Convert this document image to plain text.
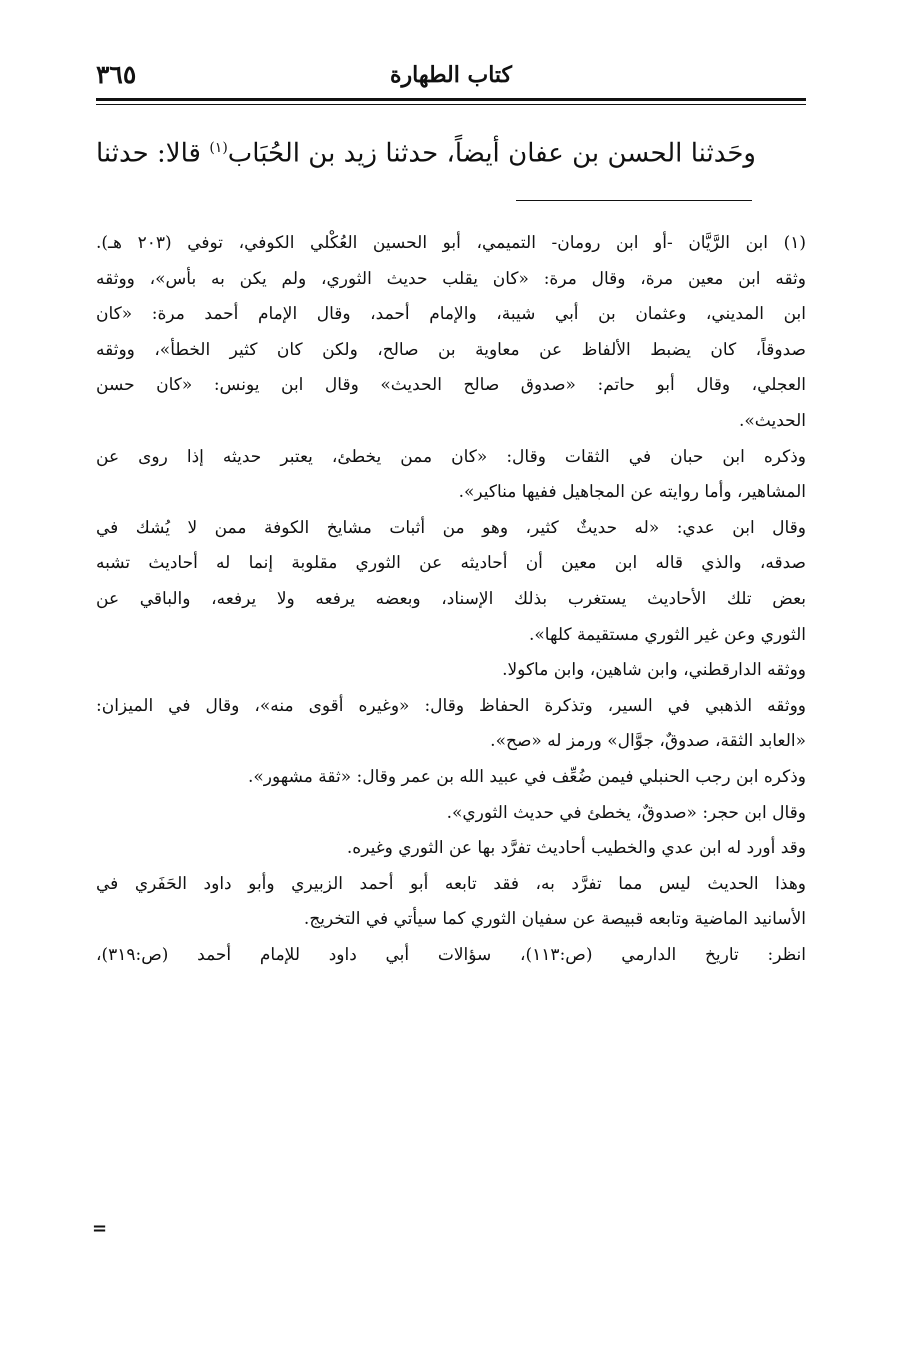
٣٦٥	كتاب الطهارة
وحَدثنا الحسن بن عفان أيضاً، حدثنا زيد بن الحُبَاب$^{(١)}$ قالا: حدثنا
(١) ابن الرَّيَّان -أو ابن رومان- التميمي، أبو الحسين العُكْلي الكوفي، توفي (٢٠٣ هـ).
وثقه ابن معين مرة، وقال مرة: «كان يقلب حديث الثوري، ولم يكن به بأس»، ووثقه
ابن المديني، وعثمان بن أبي شيبة، والإمام أحمد، وقال الإمام أحمد مرة: «كان
صدوقاً، كان يضبط الألفاظ عن معاوية بن صالح، ولكن كان كثير الخطأ»، ووثقه
العجلي، وقال أبو حاتم: «صدوق صالح الحديث» وقال ابن يونس: «كان حسن
الحديث».
وذكره ابن حبان في الثقات وقال: «كان ممن يخطئ، يعتبر حديثه إذا روى عن
المشاهير، وأما روايته عن المجاهيل ففيها مناكير».
وقال ابن عدي: «له حديثٌ كثير، وهو من أثبات مشايخ الكوفة ممن لا يُشك في
صدقه، والذي قاله ابن معين أن أحاديثه عن الثوري مقلوبة إنما له أحاديث تشبه
بعض تلك الأحاديث يستغرب بذلك الإسناد، وبعضه يرفعه ولا يرفعه، والباقي عن
الثوري وعن غير الثوري مستقيمة كلها».
ووثقه الدارقطني، وابن شاهين، وابن ماكولا.
ووثقه الذهبي في السير، وتذكرة الحفاظ وقال: «وغيره أقوى منه»، وقال في الميزان:
«العابد الثقة، صدوقٌ، جوَّال» ورمز له «صح».
وذكره ابن رجب الحنبلي فيمن ضُعِّف في عبيد الله بن عمر وقال: «ثقة مشهور».
وقال ابن حجر: «صدوقٌ، يخطئ في حديث الثوري».
وقد أورد له ابن عدي والخطيب أحاديث تفرَّد بها عن الثوري وغيره.
وهذا الحديث ليس مما تفرَّد به، فقد تابعه أبو أحمد الزبيري وأبو داود الحَفَري في
الأسانيد الماضية وتابعه قبيصة عن سفيان الثوري كما سيأتي في التخريج.
انظر: تاريخ الدارمي (ص:١١٣)، سؤالات أبي داود للإمام أحمد (ص:٣١٩)،
=
